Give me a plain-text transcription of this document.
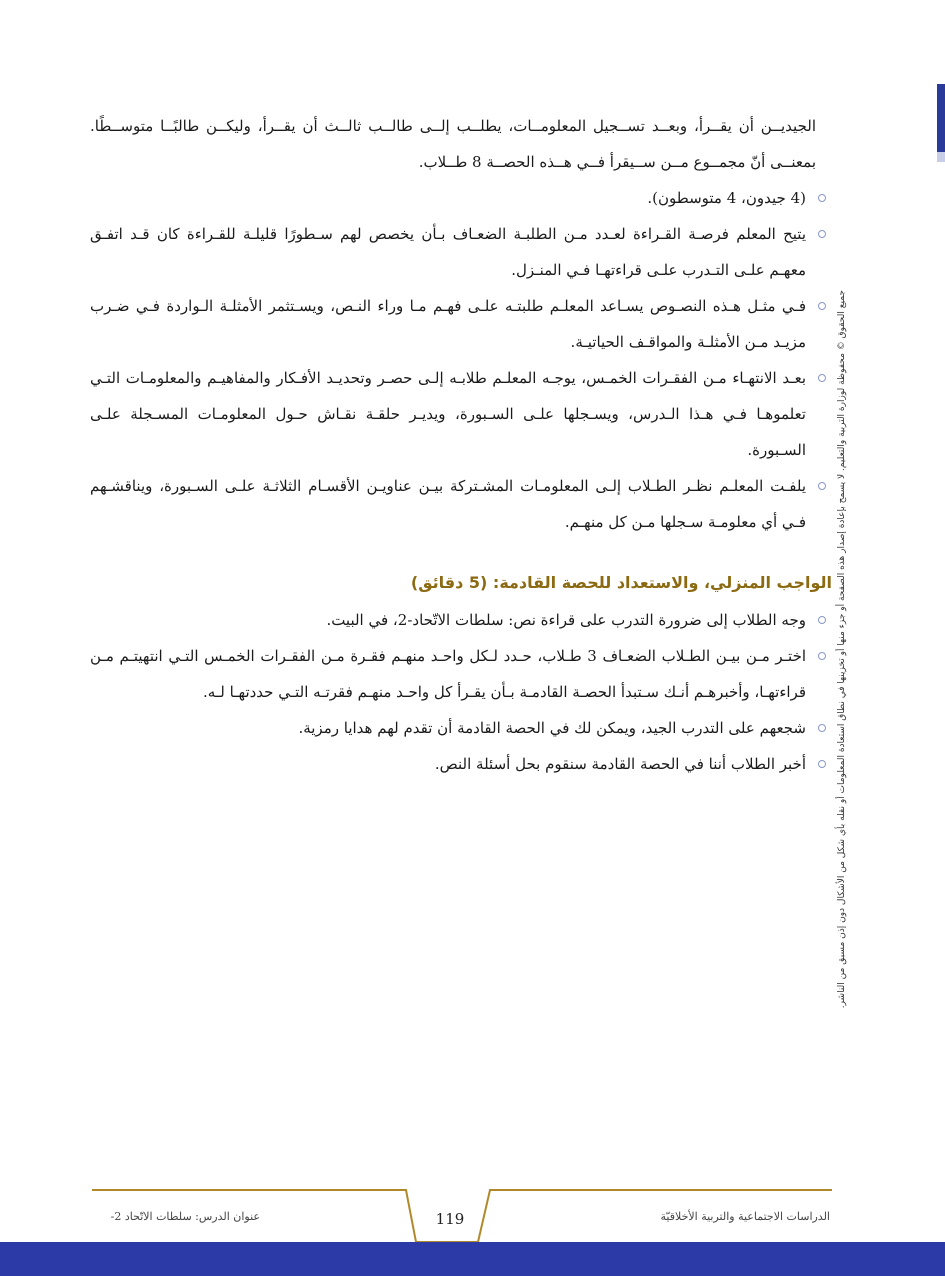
جميع الحقوق © محفوظة لوزارة التربية والتعليم. لا يسمح بإعادة إصدار هذه الصفحة أو جزء منها أو تخزينها في نطاق استعادة المعلومات أو نقله بأي شكل من الأشكال دون إذن مسبق من الناشر.

الجيديــن أن يقــرأ، وبعــد تســجيل المعلومــات، يطلــب إلــى طالــب ثالــث أن يقــرأ، وليكــن طالبًــا متوســطًا. بمعنــى أنّ مجمــوع مــن ســيقرأ فــي هــذه الحصــة 8 طــلاب.

(4 جيدون، 4 متوسطون).
يتيح المعلم فرصـة القـراءة لعـدد مـن الطلبـة الضعـاف بـأن يخصص لهم سـطورًا قليلـة للقـراءة كان قـد اتفـق معهـم علـى التـدرب علـى قراءتهـا فـي المنـزل.
فـي مثـل هـذه النصـوص يسـاعد المعلـم طلبتـه علـى فهـم مـا وراء النـص، ويسـتثمر الأمثلـة الـواردة فـي ضـرب مزيـد مـن الأمثلـة والمواقـف الحياتيـة.
بعـد الانتهـاء مـن الفقـرات الخمـس، يوجـه المعلـم طلابـه إلـى حصـر وتحديـد الأفـكار والمفاهيـم والمعلومـات التـي تعلموهـا فـي هـذا الـدرس، ويسـجلها علـى السـبورة، ويديـر حلقـة نقـاش حـول المعلومـات المسـجلة علـى السـبورة.
يلفـت المعلـم نظـر الطـلاب إلـى المعلومـات المشـتركة بيـن عناويـن الأقسـام الثلاثـة علـى السـبورة، ويناقشـهم فـي أي معلومـة سـجلها مـن كل منهـم.
الواجب المنزلي، والاستعداد للحصة القادمة: (5 دقائق)
وجه الطلاب إلى ضرورة التدرب على قراءة نص: سلطات الاتّحاد-2، في البيت.
اختـر مـن بيـن الطـلاب الضعـاف 3 طـلاب، حـدد لـكل واحـد منهـم فقـرة مـن الفقـرات الخمـس التـي انتهيتـم مـن قراءتهـا، وأخبرهـم أنـك سـتبدأ الحصـة القادمـة بـأن يقـرأ كل واحـد منهـم فقرتـه التـي حددتهـا لـه.
شجعهم على التدرب الجيد، ويمكن لك في الحصة القادمة أن تقدم لهم هدايا رمزية.
أخبر الطلاب أننا في الحصة القادمة سنقوم بحل أسئلة النص.
عنوان الدرس: سلطات الاتّحاد 2-	119	الدراسات الاجتماعية والتربية الأخلاقيّة
